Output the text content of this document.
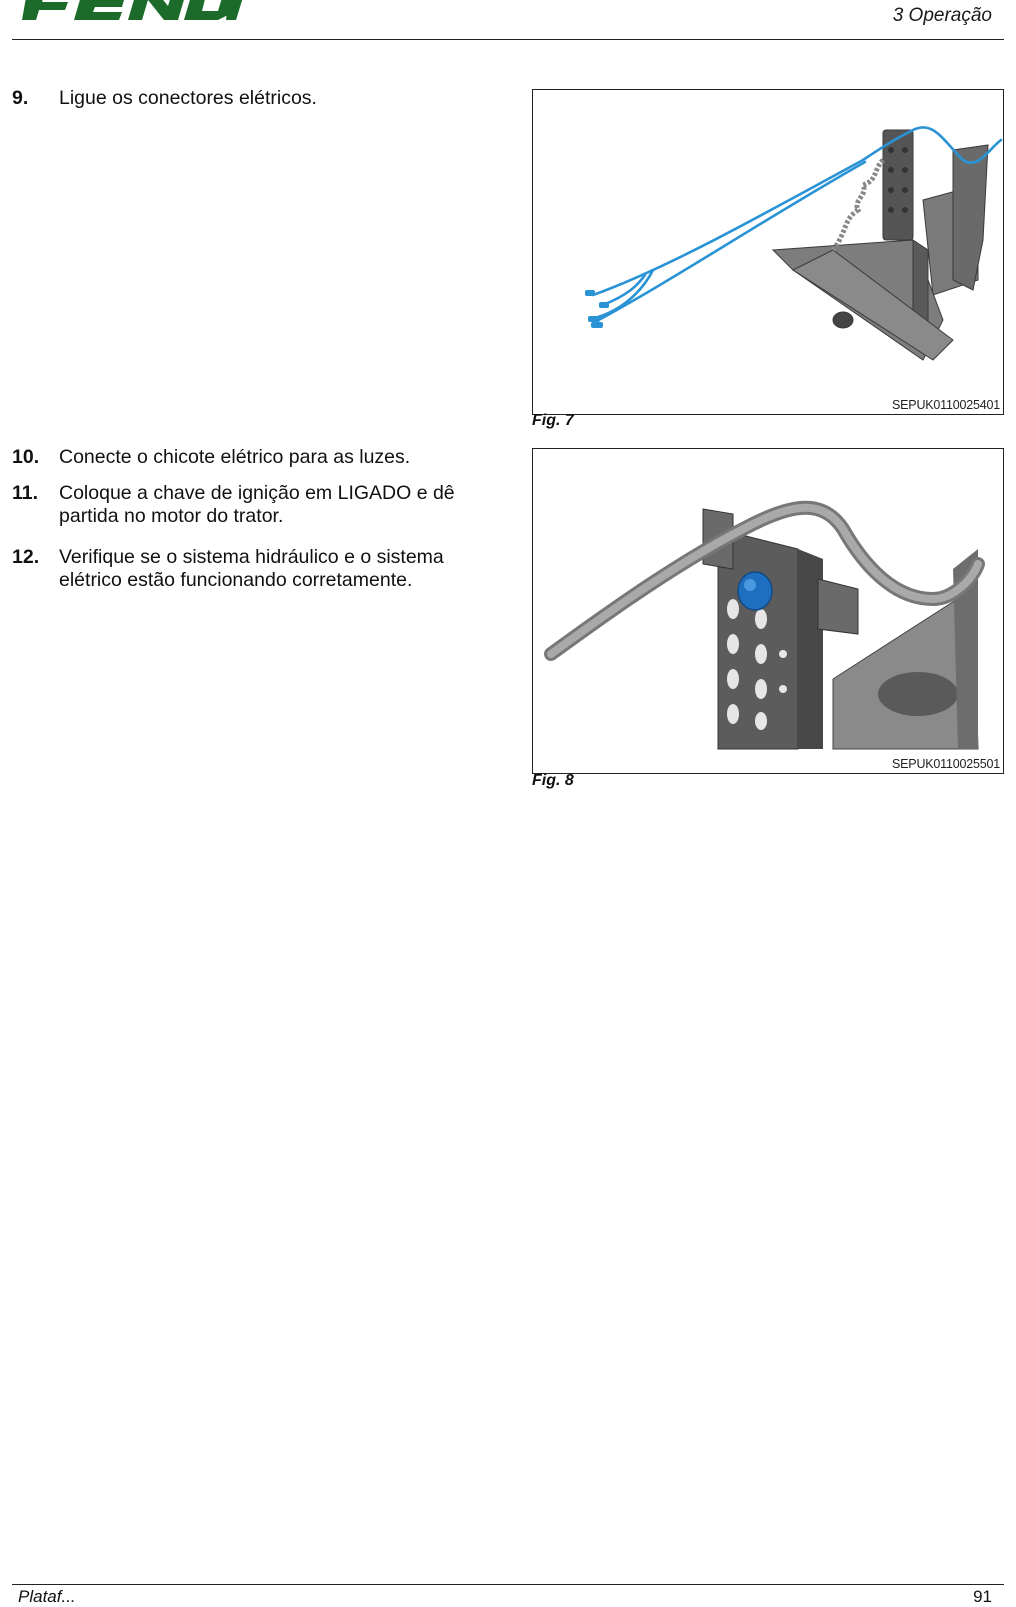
3 Operação
9. Ligue os conectores elétricos.
SEPUK0110025401
Fig. 7
10. Conecte o chicote elétrico para as luzes.
11. Coloque a chave de ignição em LIGADO e dê partida no motor do trator.
12. Verifique se o sistema hidráulico e o sistema elétrico estão funcionando corretamente.
SEPUK0110025501
Fig. 8
Plataf...	91
